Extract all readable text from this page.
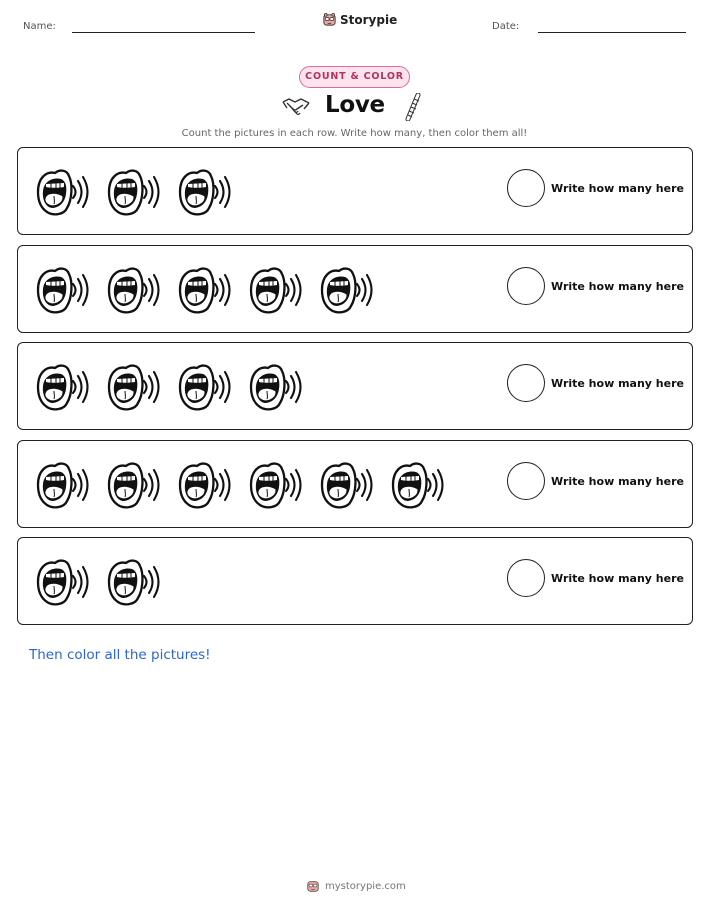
Name:	Storypie	Date:
COUNT & COLOR
Love
Count the pictures in each row. Write how many, then color them all!
Write how many here
Write how many here
Write how many here
Write how many here
Write how many here
Then color all the pictures!
mystorypie.com
